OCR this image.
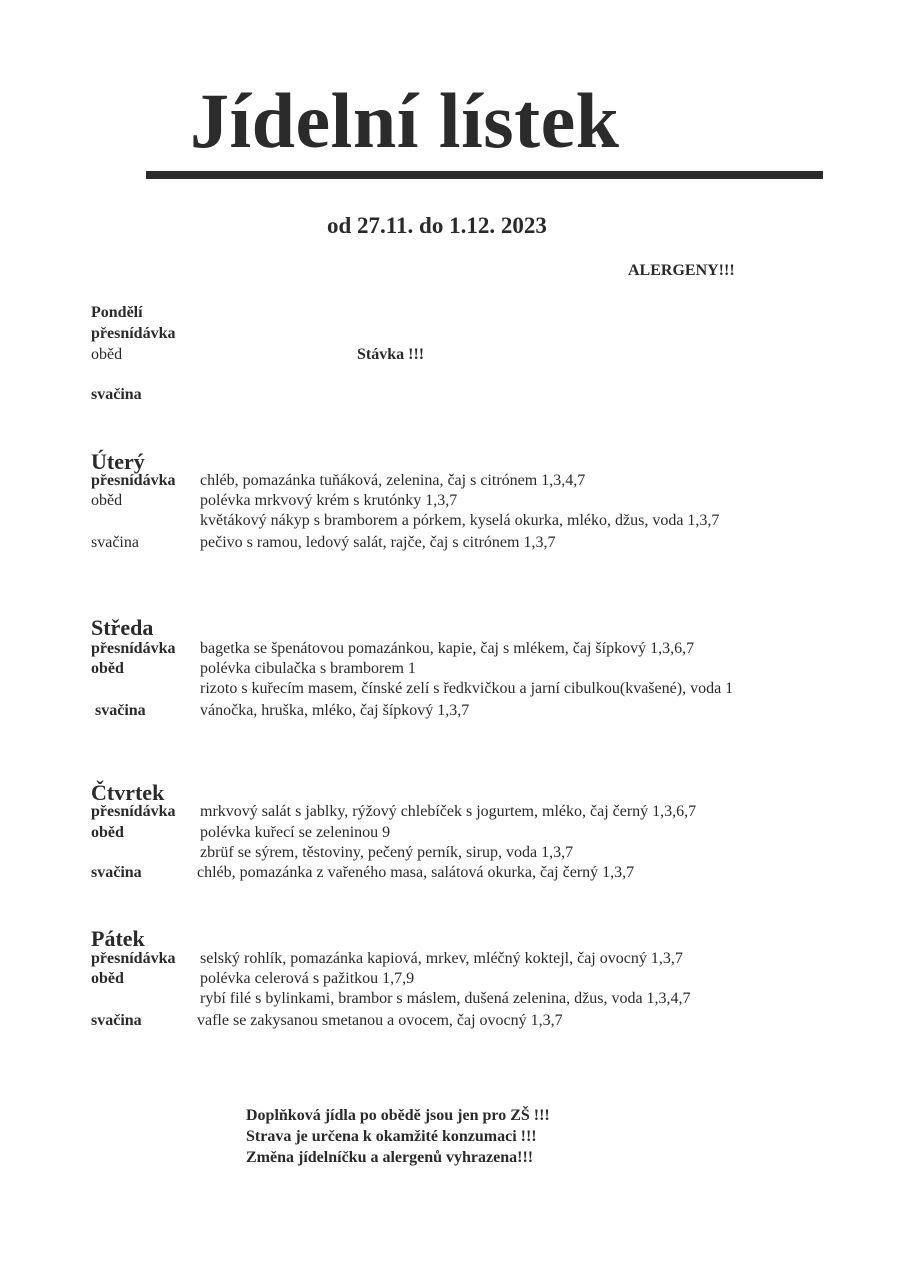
Jídelní lístek
od 27.11. do 1.12. 2023
ALERGENY!!!
Pondělí
přesnídávka
oběd	Stávka !!!
svačina
Úterý
přesnídávka chléb, pomazánka tuňáková, zelenina, čaj s citrónem 1,3,4,7
oběd	polévka mrkvový krém s krutónky 1,3,7
květákový nákyp s bramborem a pórkem, kyselá okurka, mléko, džus, voda 1,3,7
svačina	pečivo s ramou, ledový salát, rajče, čaj s citrónem 1,3,7
Středa
přesnídávka bagetka se špenátovou pomazánkou, kapie, čaj s mlékem, čaj šípkový 1,3,6,7
oběd	polévka cibulačka s bramborem 1
rizoto s kuřecím masem, čínské zelí s ředkvičkou a jarní cibulkou(kvašené), voda 1
svačina	vánočka, hruška, mléko, čaj šípkový 1,3,7
Čtvrtek
přesnídávka mrkvový salát s jablky, rýžový chlebíček s jogurtem, mléko, čaj černý 1,3,6,7
oběd	polévka kuřecí se zeleninou 9
zbrüf se sýrem, těstoviny, pečený perník, sirup, voda 1,3,7
svačina	chléb, pomazánka z vařeného masa, salátová okurka, čaj černý 1,3,7
Pátek
přesnídávka selský rohlík, pomazánka kapiová, mrkev, mléčný koktejl, čaj ovocný 1,3,7
oběd	polévka celerová s pažitkou 1,7,9
rybí filé s bylinkami, brambor s máslem, dušená zelenina, džus, voda 1,3,4,7
svačina	vafle se zakysanou smetanou a ovocem, čaj ovocný 1,3,7
Doplňková jídla po obědě jsou jen pro ZŠ !!!
Strava je určena k okamžité konzumaci !!!
Změna jídelníčku a alergenů vyhrazena!!!
